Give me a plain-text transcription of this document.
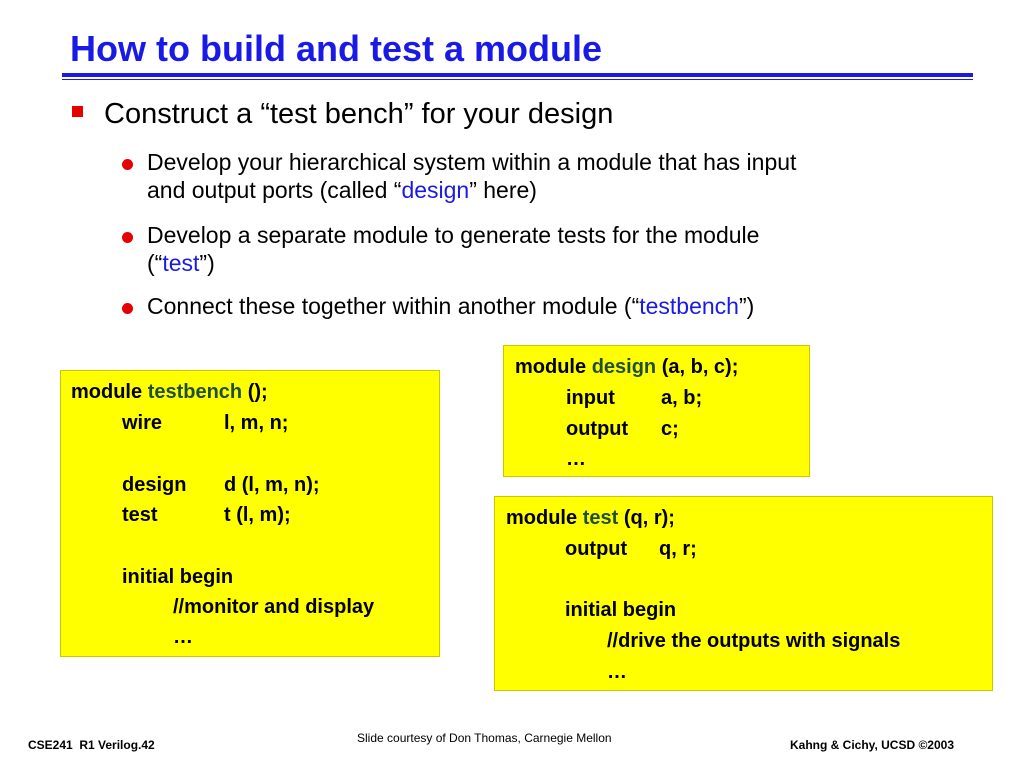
How to build and test a module
Construct a “test bench” for your design
Develop your hierarchical system within a module that has input
and output ports (called “design” here)
Develop a separate module to generate tests for the module
(“test”)
Connect these together within another module (“testbench”)
module testbench ();
wire	l, m, n;
design d (l, m, n);
test	t (l, m);
initial begin
//monitor and display
…
module design (a, b, c);
input a, b;
output c;
…
module test (q, r);
output q, r;
initial begin
//drive the outputs with signals
…
CSE241  R1 Verilog.42	Slide courtesy of Don Thomas, Carnegie Mellon	Kahng & Cichy, UCSD ©2003
